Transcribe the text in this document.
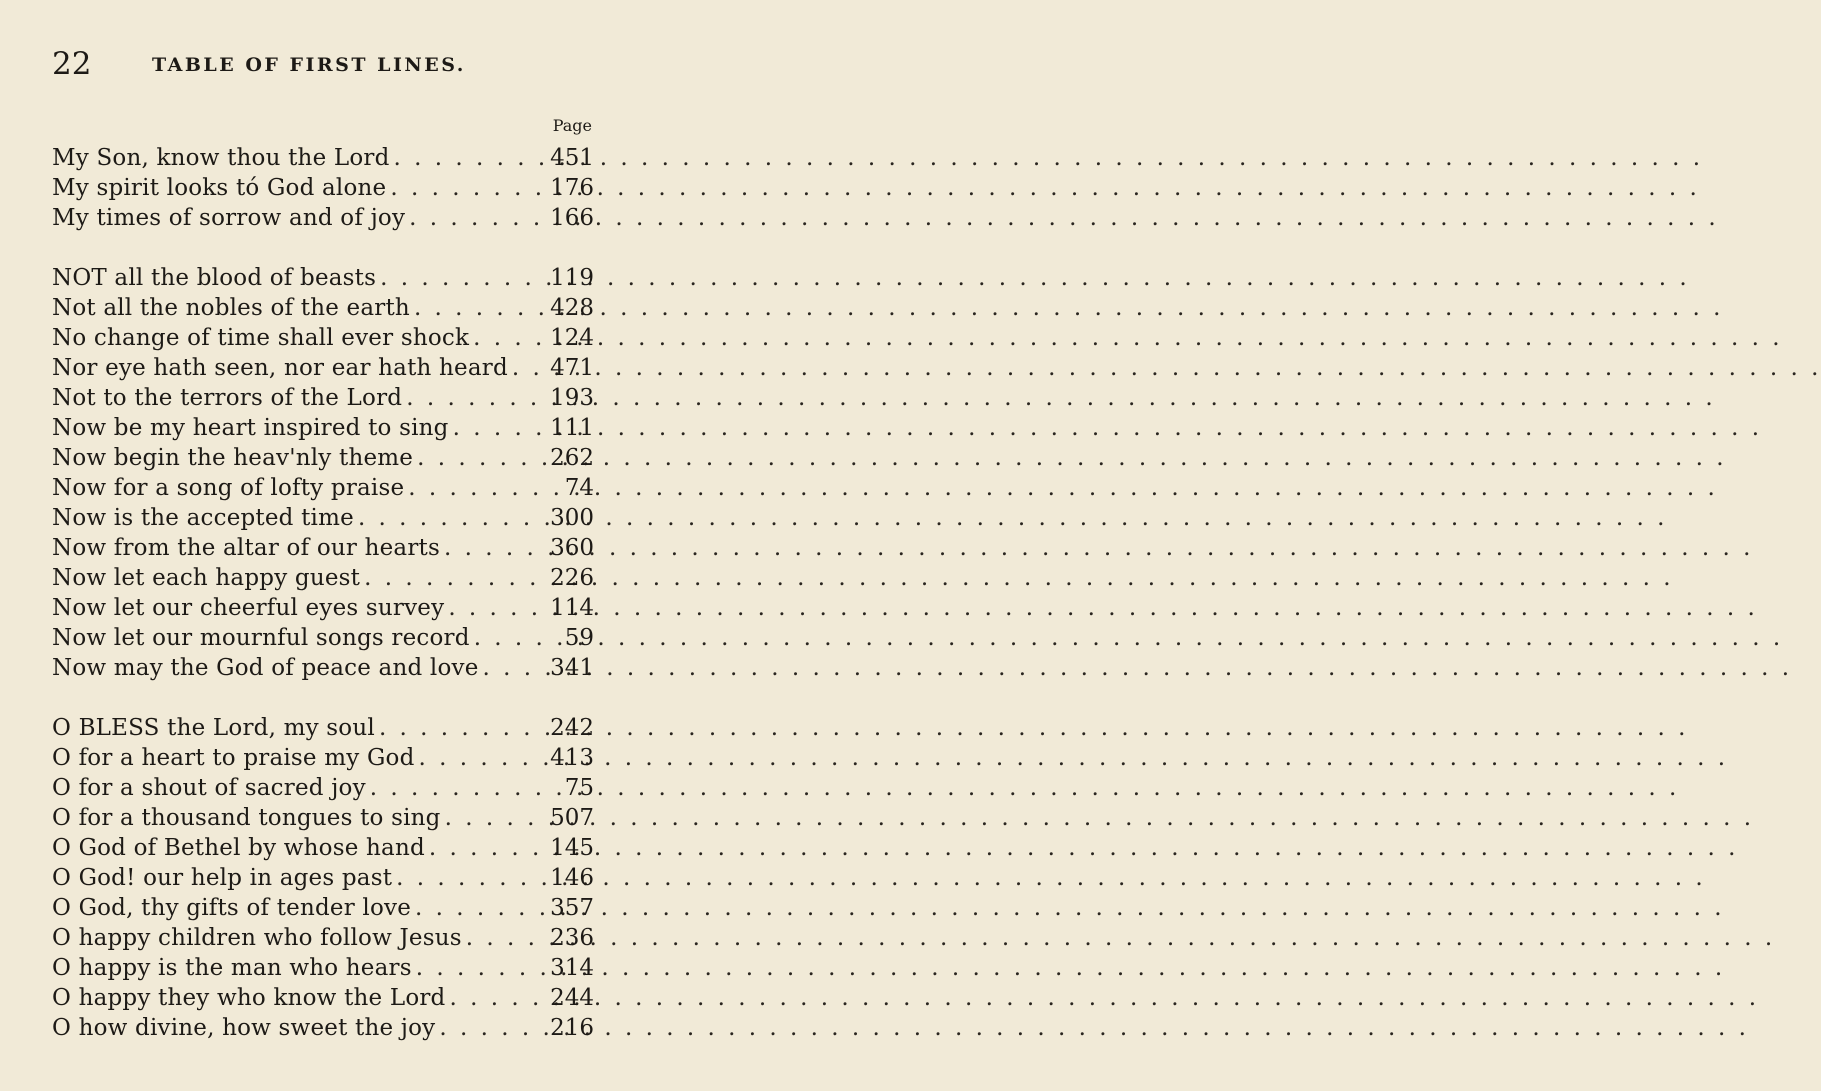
22	TABLE OF FIRST LINES.
Page
My Son, know thou the Lord . . .	451
My spirit looks tó God alone . . .	176
My times of sorrow and of joy . . .	166
NOT all the blood of beasts . . .	119
Not all the nobles of the earth . . .	428
No change of time shall ever shock . . .	124
Nor eye hath seen, nor ear hath heard . . . 471
Not to the terrors of the Lord . . .	193
Now be my heart inspired to sing . . .	111
Now begin the heav'nly theme . . .	262
Now for a song of lofty praise . . .	74
Now is the accepted time . . .	300
Now from the altar of our hearts . . .	360
Now let each happy guest . . .	226
Now let our cheerful eyes survey . . .	114
Now let our mournful songs record . . .	59
Now may the God of peace and love . . .	341
O BLESS the Lord, my soul . . .	242
O for a heart to praise my God . . .	413
O for a shout of sacred joy . . .	75
O for a thousand tongues to sing . . .	507
O God of Bethel by whose hand . . .	145
O God! our help in ages past . . .	146
O God, thy gifts of tender love . . .	357
O happy children who follow Jesus . . .	236
O happy is the man who hears . . .	314
O happy they who know the Lord . . .	244
O how divine, how sweet the joy . . .	216
